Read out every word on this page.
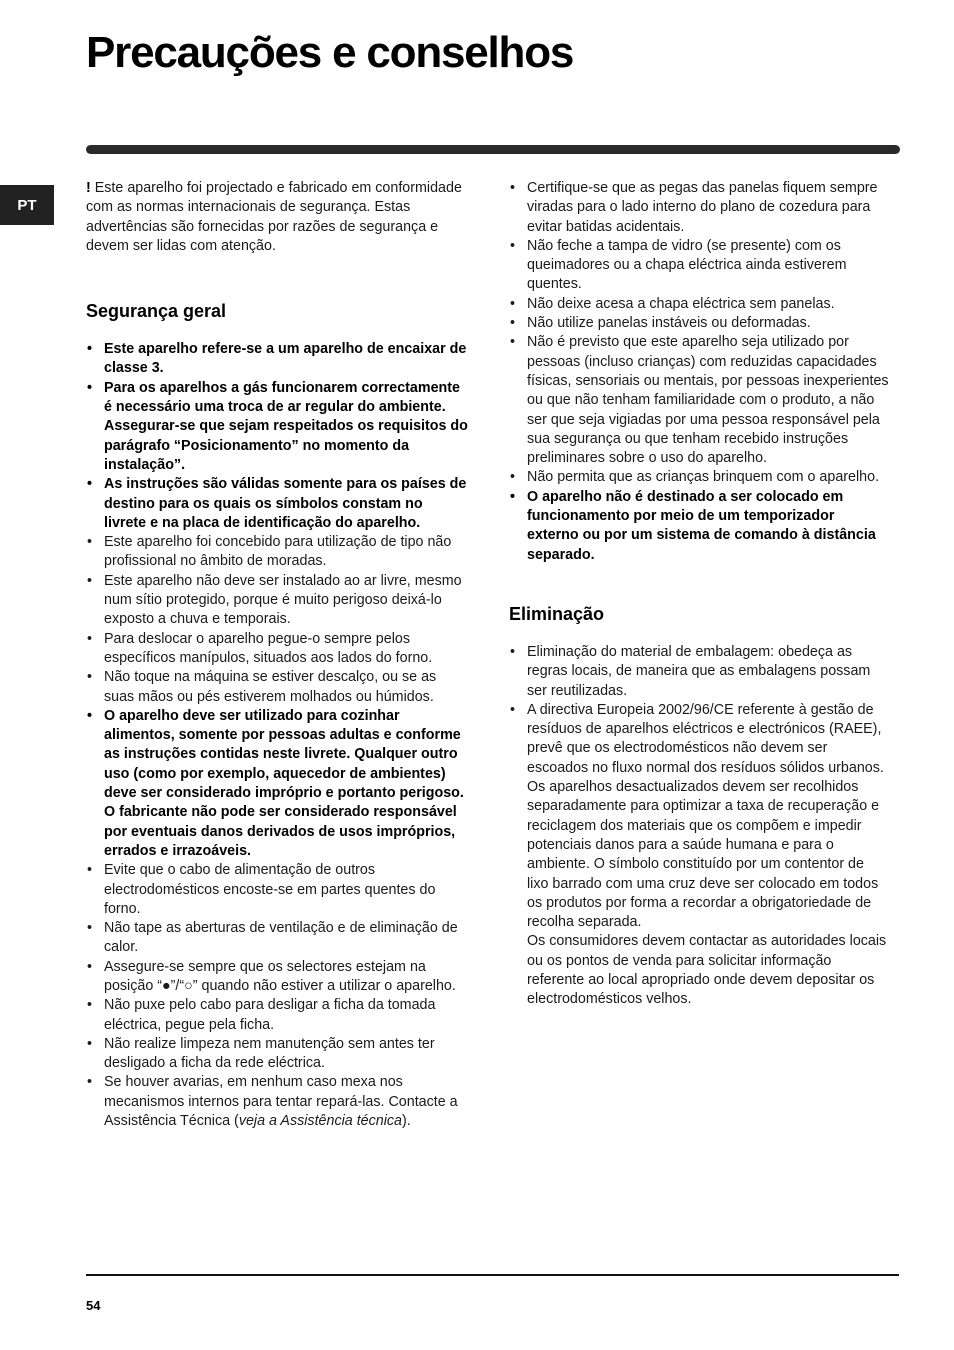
Precauções e conselhos
PT

! Este aparelho foi projectado e fabricado em conformidade com as normas internacionais de segurança. Estas advertências são fornecidas por razões de segurança e devem ser lidas com atenção.

Segurança geral
• Este aparelho refere-se a um aparelho de encaixar de classe 3.
• Para os aparelhos a gás funcionarem correctamente é necessário uma troca de ar regular do ambiente. Assegurar-se que sejam respeitados os requisitos do parágrafo “Posicionamento” no momento da instalação”.
• As instruções são válidas somente para os países de destino para os quais os símbolos constam no livrete e na placa de identificação do aparelho.
• Este aparelho foi concebido para utilização de tipo não profissional no âmbito de moradas.
• Este aparelho não deve ser instalado ao ar livre, mesmo num sítio protegido, porque é muito perigoso deixá-lo exposto a chuva e temporais.
• Para deslocar o aparelho pegue-o sempre pelos específicos manípulos, situados aos lados do forno.
• Não toque na máquina se estiver descalço, ou se as suas mãos ou pés estiverem molhados ou húmidos.
• O aparelho deve ser utilizado para cozinhar alimentos, somente por pessoas adultas e conforme as instruções contidas neste livrete. Qualquer outro uso (como por exemplo, aquecedor de ambientes) deve ser considerado impróprio e portanto perigoso. O fabricante não pode ser considerado responsável por eventuais danos derivados de usos impróprios, errados e irrazoáveis.
• Evite que o cabo de alimentação de outros electrodomésticos encoste-se em partes quentes do forno.
• Não tape as aberturas de ventilação e de eliminação de calor.
• Assegure-se sempre que os selectores estejam na posição “●”/“○” quando não estiver a utilizar o aparelho.
• Não puxe pelo cabo para desligar a ficha da tomada eléctrica, pegue pela ficha.
• Não realize limpeza nem manutenção sem antes ter desligado a ficha da rede eléctrica.
• Se houver avarias, em nenhum caso mexa nos mecanismos internos para tentar repará-las. Contacte a Assistência Técnica (veja a Assistência técnica).
• Certifique-se que as pegas das panelas fiquem sempre viradas para o lado interno do plano de cozedura para evitar batidas acidentais.
• Não feche a tampa de vidro (se presente) com os queimadores ou a chapa eléctrica ainda estiverem quentes.
• Não deixe acesa a chapa eléctrica sem panelas.
• Não utilize panelas instáveis ou deformadas.
• Não é previsto que este aparelho seja utilizado por pessoas (incluso crianças) com reduzidas capacidades físicas, sensoriais ou mentais, por pessoas inexperientes ou que não tenham familiaridade com o produto, a não ser que seja vigiadas por uma pessoa responsável pela sua segurança ou que tenham recebido instruções preliminares sobre o uso do aparelho.
• Não permita que as crianças brinquem com o aparelho.
• O aparelho não é destinado a ser colocado em funcionamento por meio de um temporizador externo ou por um sistema de comando à distância separado.
Eliminação
• Eliminação do material de embalagem: obedeça as regras locais, de maneira que as embalagens possam ser reutilizadas.
• A directiva Europeia 2002/96/CE referente à gestão de resíduos de aparelhos eléctricos e electrónicos (RAEE), prevê que os electrodomésticos não devem ser escoados no fluxo normal dos resíduos sólidos urbanos. Os aparelhos desactualizados devem ser recolhidos separadamente para optimizar a taxa de recuperação e reciclagem dos materiais que os compõem e impedir potenciais danos para a saúde humana e para o ambiente. O símbolo constituído por um contentor de lixo barrado com uma cruz deve ser colocado em todos os produtos por forma a recordar a obrigatoriedade de recolha separada.
Os consumidores devem contactar as autoridades locais ou os pontos de venda para solicitar informação referente ao local apropriado onde devem depositar os electrodomésticos velhos.
54
